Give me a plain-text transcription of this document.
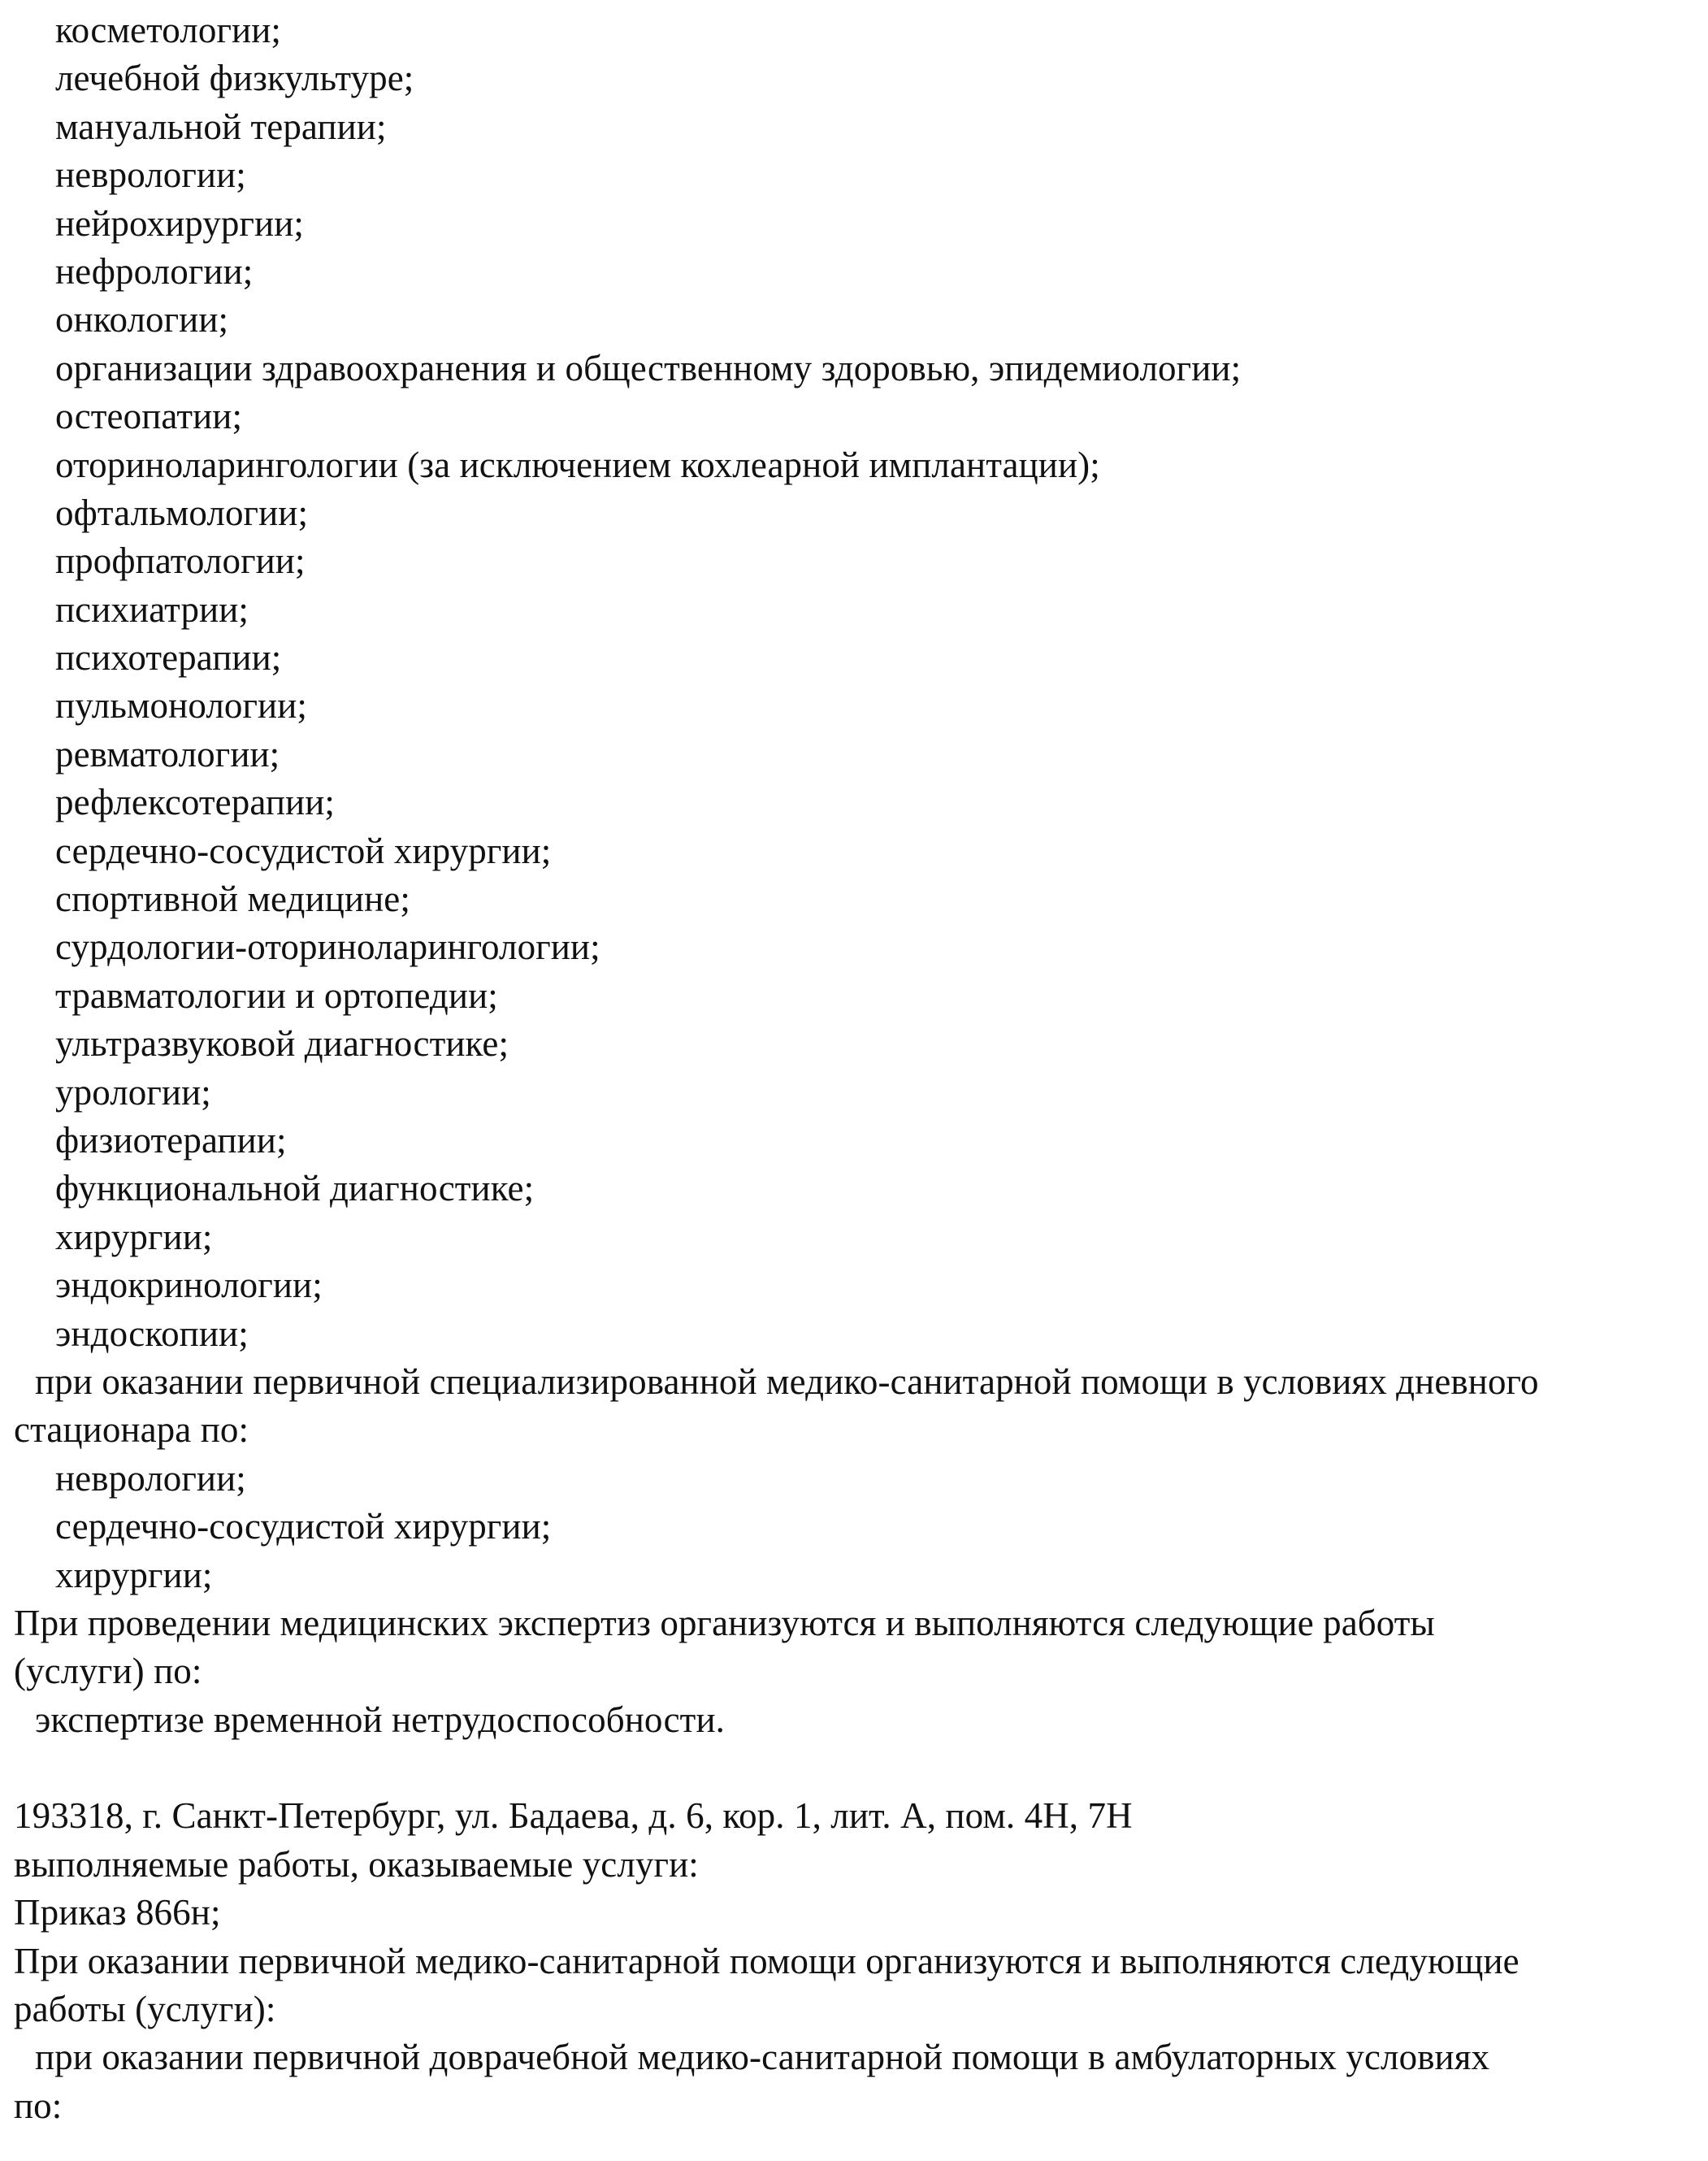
косметологии;
лечебной физкультуре;
мануальной терапии;
неврологии;
нейрохирургии;
нефрологии;
онкологии;
организации здравоохранения и общественному здоровью, эпидемиологии;
остеопатии;
оториноларингологии (за исключением кохлеарной имплантации);
офтальмологии;
профпатологии;
психиатрии;
психотерапии;
пульмонологии;
ревматологии;
рефлексотерапии;
сердечно-сосудистой хирургии;
спортивной медицине;
сурдологии-оториноларингологии;
травматологии и ортопедии;
ультразвуковой диагностике;
урологии;
физиотерапии;
функциональной диагностике;
хирургии;
эндокринологии;
эндоскопии;
при оказании первичной специализированной медико-санитарной помощи в условиях дневного
стационара по:
неврологии;
сердечно-сосудистой хирургии;
хирургии;
При проведении медицинских экспертиз организуются и выполняются следующие работы
(услуги) по:
экспертизе временной нетрудоспособности.
193318, г. Санкт-Петербург, ул. Бадаева, д. 6, кор. 1, лит. А, пом. 4Н, 7Н
выполняемые работы, оказываемые услуги:
Приказ 866н;
При оказании первичной медико-санитарной помощи организуются и выполняются следующие
работы (услуги):
при оказании первичной доврачебной медико-санитарной помощи в амбулаторных условиях
по:
